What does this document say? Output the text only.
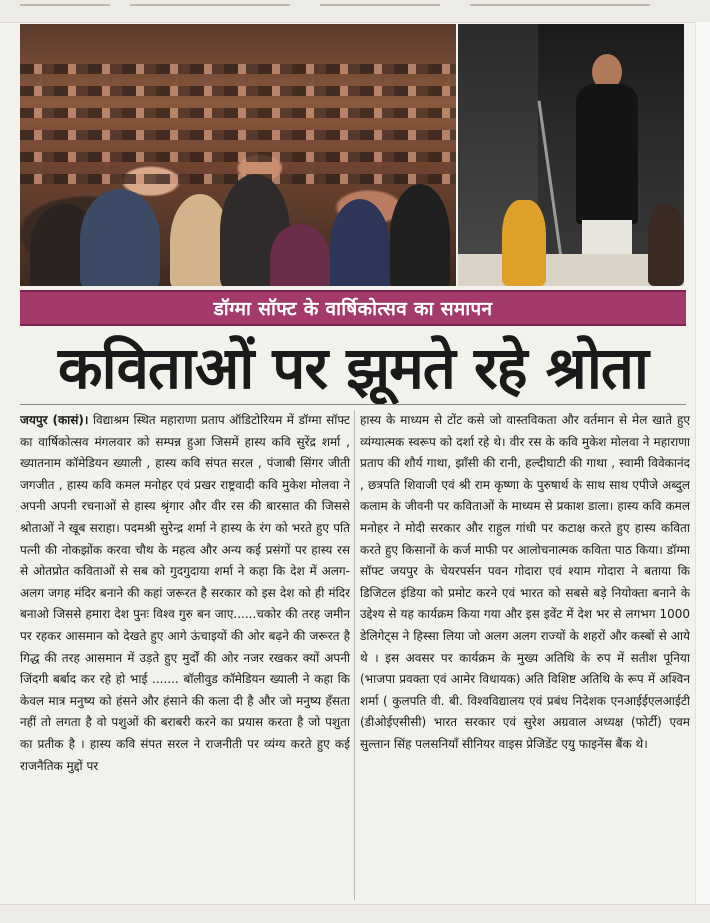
डॉग्मा सॉफ्ट के वार्षिकोत्सव का समापन
कविताओं पर झूमते रहे श्रोता
जयपुर (कासं)। विद्याश्रम स्थित महाराणा प्रताप ऑडिटोरियम में डॉग्मा सॉफ्ट का वार्षिकोत्सव मंगलवार को सम्पन्न हुआ जिसमें हास्य कवि सुरेंद्र शर्मा , ख्यातनाम कॉमेडियन ख्याली , हास्य कवि संपत सरल , पंजाबी सिंगर जीती जगजीत , हास्य कवि कमल मनोहर एवं प्रखर राष्ट्रवादी कवि मुकेश मोलवा ने अपनी अपनी रचनाओं से हास्य श्रृंगार और वीर रस की बारसात की जिससे श्रोताओं ने खूब सराहा। पदमश्री सुरेन्द्र शर्मा ने हास्य के रंग को भरते हुए पति पत्नी की नोकझोंक करवा चौथ के महत्व और अन्य कई प्रसंगों पर हास्य रस से ओतप्रोत कविताओं से सब को गुदगुदाया शर्मा ने कहा कि देश में अलग-अलग जगह मंदिर बनाने की कहां जरूरत है सरकार को इस देश को ही मंदिर बनाओ जिससे हमारा देश पुनः विश्व गुरु बन जाए......चकोर की तरह जमीन पर रहकर आसमान को देखते हुए आगे ऊंचाइयों की ओर बढ़ने की जरूरत है गिद्ध की तरह आसमान में उड़ते हुए मुर्दों की ओर नजर रखकर क्यों अपनी जिंदगी बर्बाद कर रहे हो भाई ....... बॉलीवुड कॉमेडियन ख्याली ने कहा कि केवल मात्र मनुष्य को हंसने और हंसाने की कला दी है और जो मनुष्य हँसता नहीं तो लगता है वो पशुओं की बराबरी करने का प्रयास करता है जो पशुता का प्रतीक है । हास्य कवि संपत सरल ने राजनीती पर व्यंग्य करते हुए कई राजनैतिक मुद्दों पर
हास्य के माध्यम से टोंट कसे जो वास्तविकता और वर्तमान से मेल खाते हुए व्यंग्यात्मक स्वरूप को दर्शा रहे थे। वीर रस के कवि मुकेश मोलवा ने महाराणा प्रताप की शौर्य गाथा, झाँसी की रानी, हल्दीघाटी की गाथा , स्वामी विवेकानंद , छत्रपति शिवाजी एवं श्री राम कृष्णा के पुरुषार्थ के साथ साथ एपीजे अब्दुल कलाम के जीवनी पर कविताओं के माध्यम से प्रकाश डाला। हास्य कवि कमल मनोहर ने मोदी सरकार और राहुल गांधी पर कटाक्ष करते हुए हास्य कविता करते हुए किसानों के कर्ज माफी पर आलोचनात्मक कविता पाठ किया। डॉग्मा सॉफ्ट जयपुर के चेयरपर्सन पवन गोदारा एवं श्याम गोदारा ने बताया कि डिजिटल इंडिया को प्रमोट करने एवं भारत को सबसे बड़े नियोक्ता बनाने के उद्देश्य से यह कार्यक्रम किया गया और इस इवेंट में देश भर से लगभग 1000 डेलिगेट्स ने हिस्सा लिया जो अलग अलग राज्यों के शहरों और कस्बों से आये थे । इस अवसर पर कार्यक्रम के मुख्य अतिथि के रुप में सतीश पूनिया (भाजपा प्रवक्ता एवं आमेर विधायक) अति विशिष्ट अतिथि के रूप में अश्विन शर्मा ( कुलपति वी. बी. विश्वविद्यालय एवं प्रबंध निदेशक एनआईईएलआईटी (डीओईएसीसी) भारत सरकार एवं सुरेश अग्रवाल अध्यक्ष (फोर्टी) एवम सुल्तान सिंह पलसनियाँ सीनियर वाइस प्रेजिडेंट एयु फाइनेंस बैंक थे।
